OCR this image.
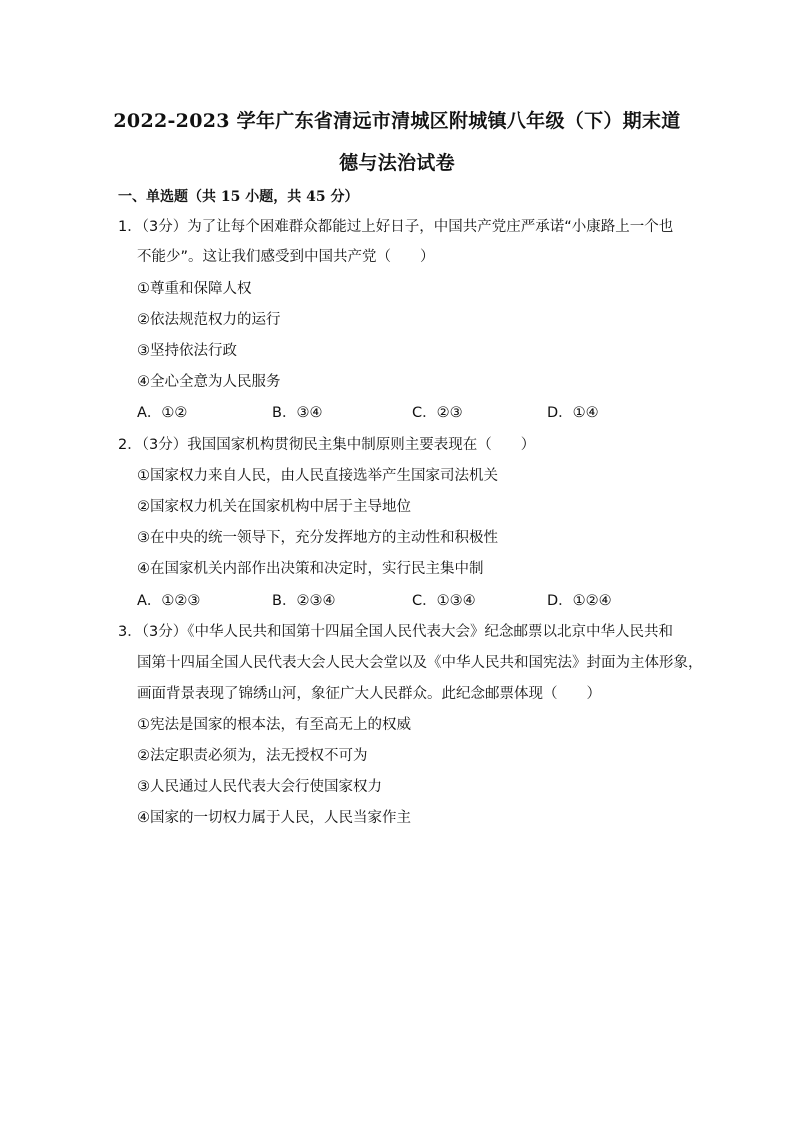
2022-2023 学年广东省清远市清城区附城镇八年级（下）期末道
德与法治试卷
一、单选题（共 15 小题，共 45 分）
1．（3分）为了让每个困难群众都能过上好日子，中国共产党庄严承诺“小康路上一个也
不能少”。这让我们感受到中国共产党（　　）
①尊重和保障人权
②依法规范权力的运行
③坚持依法行政
④全心全意为人民服务
A．①②	B．③④	C．②③	D．①④
2．（3分）我国国家机构贯彻民主集中制原则主要表现在（　　）
①国家权力来自人民，由人民直接选举产生国家司法机关
②国家权力机关在国家机构中居于主导地位
③在中央的统一领导下，充分发挥地方的主动性和积极性
④在国家机关内部作出决策和决定时，实行民主集中制
A．①②③	B．②③④	C．①③④	D．①②④
3．（3分）《中华人民共和国第十四届全国人民代表大会》纪念邮票以北京中华人民共和
国第十四届全国人民代表大会人民大会堂以及《中华人民共和国宪法》封面为主体形象，
画面背景表现了锦绣山河，象征广大人民群众。此纪念邮票体现（　　）
①宪法是国家的根本法，有至高无上的权威
②法定职责必须为，法无授权不可为
③人民通过人民代表大会行使国家权力
④国家的一切权力属于人民，人民当家作主
